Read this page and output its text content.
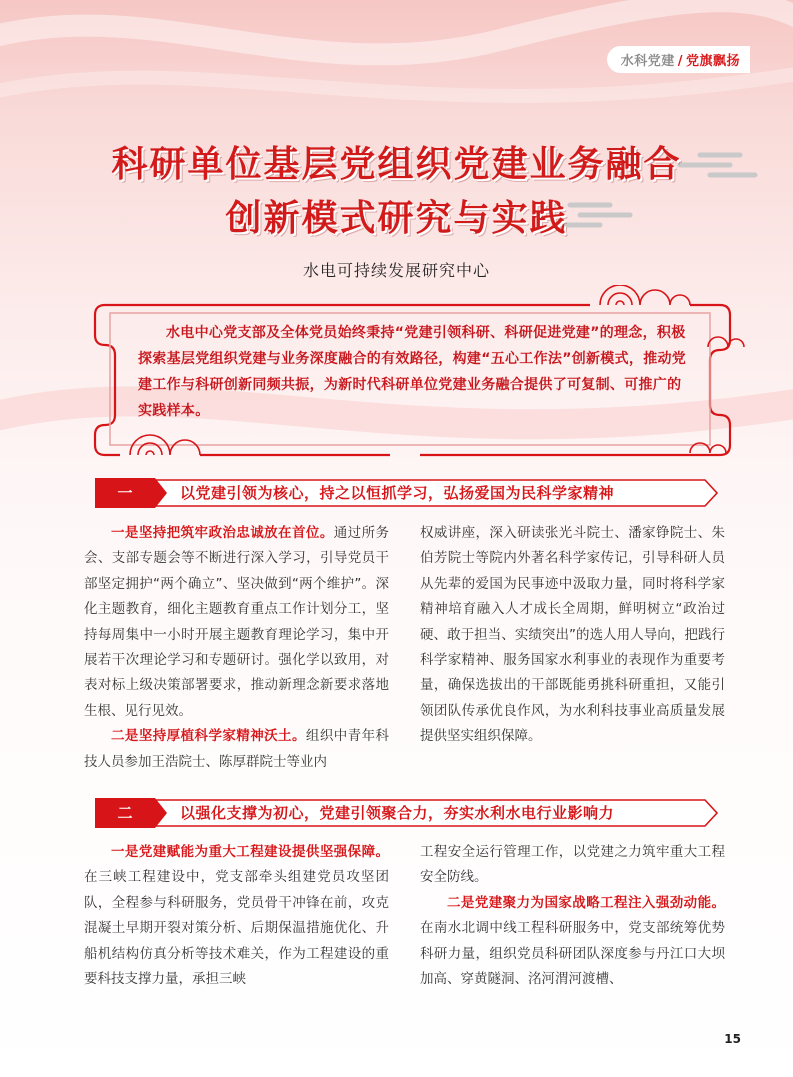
水科党建 / 党旗飘扬
科研单位基层党组织党建业务融合
创新模式研究与实践
水电可持续发展研究中心
水电中心党支部及全体党员始终秉持“党建引领科研、科研促进党建”的理念，积极探索基层党组织党建与业务深度融合的有效路径，构建“五心工作法”创新模式，推动党建工作与科研创新同频共振，为新时代科研单位党建业务融合提供了可复制、可推广的实践样本。
一	以党建引领为核心，持之以恒抓学习，弘扬爱国为民科学家精神

一是坚持把筑牢政治忠诚放在首位。通过所务会、支部专题会等不断进行深入学习，引导党员干部坚定拥护“两个确立”、坚决做到“两个维护”。深化主题教育，细化主题教育重点工作计划分工，坚持每周集中一小时开展主题教育理论学习，集中开展若干次理论学习和专题研讨。强化学以致用，对表对标上级决策部署要求，推动新理念新要求落地生根、见行见效。

二是坚持厚植科学家精神沃土。组织中青年科技人员参加王浩院士、陈厚群院士等业内

权威讲座，深入研读张光斗院士、潘家铮院士、朱伯芳院士等院内外著名科学家传记，引导科研人员从先辈的爱国为民事迹中汲取力量，同时将科学家精神培育融入人才成长全周期，鲜明树立“政治过硬、敢于担当、实绩突出”的选人用人导向，把践行科学家精神、服务国家水利事业的表现作为重要考量，确保选拔出的干部既能勇挑科研重担，又能引领团队传承优良作风，为水利科技事业高质量发展提供坚实组织保障。

二	以强化支撑为初心，党建引领聚合力，夯实水利水电行业影响力

一是党建赋能为重大工程建设提供坚强保障。在三峡工程建设中，党支部牵头组建党员攻坚团队，全程参与科研服务，党员骨干冲锋在前，攻克混凝土早期开裂对策分析、后期保温措施优化、升船机结构仿真分析等技术难关，作为工程建设的重要科技支撑力量，承担三峡

工程安全运行管理工作，以党建之力筑牢重大工程安全防线。

二是党建聚力为国家战略工程注入强劲动能。在南水北调中线工程科研服务中，党支部统筹优势科研力量，组织党员科研团队深度参与丹江口大坝加高、穿黄隧洞、洺河渭河渡槽、

15
